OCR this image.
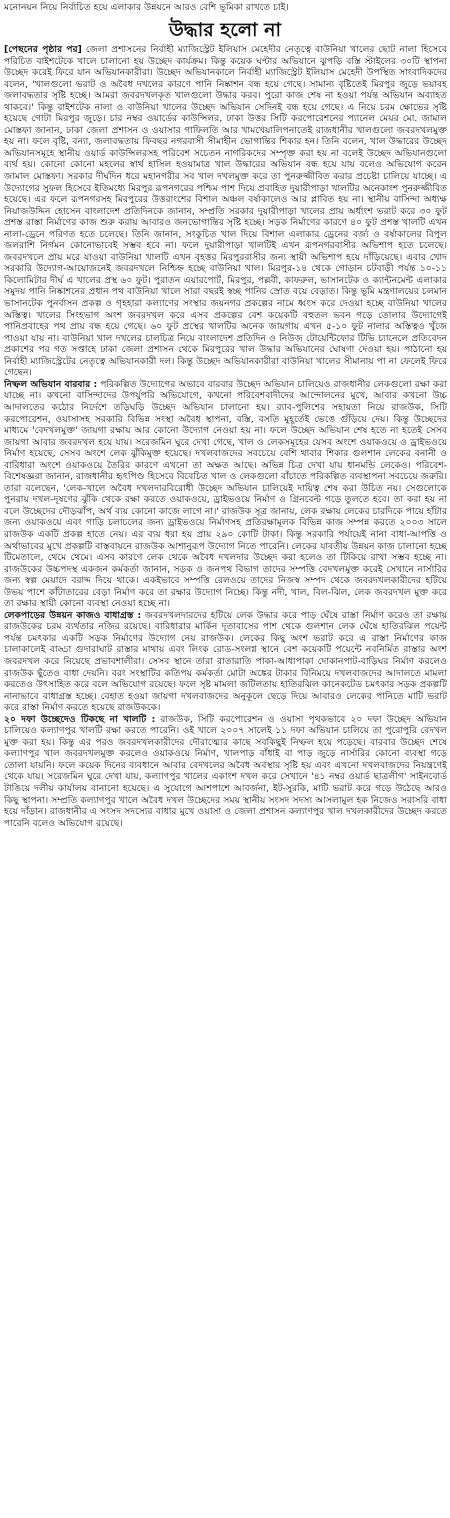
মনোনয়ন নিয়ে নির্বাচিত হয়ে এলাকার উন্নয়নে আরও বেশি ভূমিকা রাখতে চাই।
উদ্ধার হলো না

[পেছনের পৃষ্ঠার পর] জেলা প্রশাসনের নির্বাহী ম্যাজিস্ট্রেট ইলিয়াস মেহেদীর নেতৃত্বে বাউনিয়া খালের ছোট নালা হিসেবে পরিচিত বাইশটেকে খালে চালানো হয় উচ্ছেদ কার্যক্রম। কিন্তু কয়েক ঘণ্টার অভিযানে ঝুপড়ি বস্তি স্টাইলের ৩০টি স্থাপনা উচ্ছেদ করেই ফিরে যান অভিযানকারীরা। উচ্ছেদ অভিযানকালে নির্বাহী ম্যাজিস্ট্রেট ইলিয়াস মেহেদী উপস্থিত সাংবাদিকদের বলেন, 'খালগুলো ভরাট ও অবৈধ দখলের কারণে পানি নিষ্কাশন বন্ধ হয়ে গেছে। সামান্য বৃষ্টিতেই মিরপুর জুড়ে ভয়াবহ জলাবদ্ধতার সৃষ্টি হচ্ছে। আমরা জবরদখলকৃত খালগুলো উদ্ধার করব। পুরো কাজ শেষ না হওয়া পর্যন্ত অভিযান অব্যাহত থাকবে।' কিন্তু বাইশটেক নালা ও বাউনিয়া খালের উচ্ছেদ অভিযান সেদিনই বন্ধ হয়ে গেছে। এ নিয়ে চরম ক্ষোভের সৃষ্টি হয়েছে গোটা মিরপুর জুড়ে। চার নম্বর ওয়ার্ডের কাউন্সিলর, ঢাকা উত্তর সিটি করপোরেশনের প্যানেল মেয়র মো. জামাল মোস্তফা জানান, ঢাকা জেলা প্রশাসন ও ওয়াসার গাফিলতি আর খামখেয়ালিপনাতেই রাজধানীর খালগুলো জবরদখলমুক্ত হয় না। ফলে বৃষ্টি, বন্যা, জলাবদ্ধতায় ফিবছর নগরবাসী সীমাহীন ভোগান্তির শিকার হন। তিনি বলেন, খাল উদ্ধারের উচ্ছেদ অভিযানসমূহে স্থানীয় ওয়ার্ড কাউন্সিলরসহ পরিবেশ সচেতন নাগরিকদের সম্পৃক্ত করা হয় না বলেই উচ্ছেদ অভিযানগুলো ব্যর্থ হয়। কোনো কোনো মহলের স্বার্থ হাসিল হওয়ামাত্র খাল উদ্ধারের অভিযান বন্ধ হয়ে যায় বলেও অভিযোগ করেন জামাল মোস্তফা। সরকার দীর্ঘদিন ধরে মহানগরীর সব খাল দখলমুক্ত করে তা পুনরুজ্জীবিত করার প্রচেষ্টা চালিয়ে যাচ্ছে। এ উদ্যোগের সুফল হিসেবে ইতিমধ্যে মিরপুর রূপনগরের পশ্চিম পাশ দিয়ে প্রবাহিত দুয়ারীপাড়া খালটির অনেকাংশ পুনরুজ্জীবিত হয়েছে। এর ফলে রূপনগরসহ মিরপুরের উত্তরাংশের বিশাল অঞ্চল বর্ষাকালেও আর প্লাবিত হয় না। স্থানীয় বাসিন্দা অধ্যক্ষ নিয়াজউদ্দিন হোসেন বাংলাদেশ প্রতিদিনকে জানান, সম্প্রতি সরকার দুয়ারীপাড়া খালের প্রায় অর্ধাংশ ভরাট করে ৩০ ফুট প্রশস্ত রাস্তা নির্মাণের কাজ শুরু করায় আবারও জনভোগান্তির সৃষ্টি হচ্ছে। সড়ক নির্মাণের কারণে ৪০ ফুট প্রশস্ত খালটি এখন নালা-ড্রেনে পরিণত হতে চলেছে। তিনি জানান, সংকুচিত খাল দিয়ে বিশাল এলাকার ড্রেনের বর্জ্য ও বর্ষাকালের বিপুল জলরাশি নির্গমন কোনোভাবেই সম্ভব হবে না। ফলে দুয়ারীপাড়া খালটিই এখন রূপনগরবাসীর অভিশাপ হতে চলেছে। জবরদখলে প্রায় মরে যাওয়া বাউনিয়া খালটি এখন বৃহত্তর মিরপুরবাসীর জন্য স্থায়ী অভিশাপ হয়ে দাঁড়িয়েছে। এবার খোদ সরকারি উদ্যোগ-আয়োজনেই জবরদখলে নিশ্চিহ্ন হচ্ছে বাউনিয়া খাল। মিরপুর-১৪ থেকে গোড়ান চটবাড়ী পর্যন্ত ১০-১১ কিলোমিটার দীর্ঘ এ খালের প্রস্থ ৬০ ফুট। পুরাতন এয়ারপোর্ট, মিরপুর, পল্লবী, কাফরুল, ভাসানটেক ও ক্যান্টনমেন্ট এলাকার সমুদয় পানি নিষ্কাশনের প্রধান পথ বাউনিয়া খালে সারা বছরই স্বচ্ছ পানির স্রোত বয়ে বেড়াত। কিন্তু ভূমি মন্ত্রণালয়ের চলমান ভাসানটেক পুনর্বাসন প্রকল্প ও গৃহহারা কল্যাণের সংস্থার জয়নগর প্রকল্পের নামে ধ্বংস করে দেওয়া হচ্ছে বাউনিয়া খালের অস্তিত্ব। খালের সিংহভাগ অংশ জবরদখল করে এসব প্রকল্পের বেশ কয়েকটি বহুতল ভবন গড়ে তোলার উদ্যোগেই পানিপ্রবাহের পথ প্রায় বন্ধ হয়ে গেছে। ৬০ ফুট প্রস্থের খালটির অনেক জায়গায় এখন ৫-১০ ফুট নালার অস্তিত্বও খুঁজে পাওয়া যায় না। বাউনিয়া খাল দখলের চালচিত্র নিয়ে বাংলাদেশ প্রতিদিন ও নিউজ টোয়েন্টিফোর টিভি চ্যানেলে প্রতিবেদন প্রকাশের পর গত সপ্তাহে ঢাকা জেলা প্রশাসন থেকে মিরপুরের খাল উদ্ধার অভিযানের ঘোষণা দেওয়া হয়। পাঠানো হয় নির্বাহী ম্যাজিস্ট্রেটের নেতৃত্বে অভিযানকারী দল। কিন্তু উচ্ছেদ অভিযানকারীরা বাউনিয়া খালের সীমানায় পা না ফেলেই ফিরে গেছেন।

নিষ্ফল অভিযান বারবার : পরিকল্পিত উদ্যোগের অভাবে বারবার উচ্ছেদ অভিযান চালিয়েও রাজধানীর লেকগুলো রক্ষা করা যাচ্ছে না। কখনো বাসিন্দাদের উপর্যুপরি অভিযোগে, কখনো পরিবেশবাদীদের আন্দোলনের মুখে, আবার কখনো উচ্চ আদালতের কঠোর নির্দেশে তড়িঘড়ি উচ্ছেদ অভিযান চালানো হয়। র‌্যাব-পুলিশের সহায়তা নিয়ে রাজউক, সিটি করপোরেশন, ওয়াসাসহ সরকারি বিভিন্ন সংস্থা অবৈধ স্থাপনা, বস্তি, বসতি মুহূর্তেই ভেঙে গুঁড়িয়ে দেয়। কিন্তু উচ্ছেদের মাধ্যমে 'বেদখলমুক্ত' জায়গা রক্ষায় আর কোনো উদ্যোগ নেওয়া হয় না। ফলে উচ্ছেদ অভিযান শেষ হতে না হতেই সেসব জায়গা আবার জবরদখল হয়ে যায়। সরেজমিন ঘুরে দেখা গেছে, খাল ও লেকসমূহের যেসব অংশে ওয়াকওয়ে ও ড্রাইভওয়ে নির্মাণ হয়েছে, সেসব অংশে লেক ঝুঁকিমুক্ত হয়েছে। দখলবাজদের সবচেয়ে বেশি থাবার শিকার গুলশান লেকের বনানী ও বারিধারা অংশে ওয়াকওয়ে তৈরির কারণে এখনো তা অক্ষত আছে। অভিন্ন চিত্র দেখা যায় ধানমন্ডি লেকেও। পরিবেশ-বিশেষজ্ঞরা জানান, রাজধানীর হৃৎপিণ্ড হিসেবে বিবেচিত খাল ও লেকগুলো বাঁচাতে পরিকল্পিত ব্যবস্থাপনা সবচেয়ে জরুরি। তারা বলেছেন, 'লেক-খালে অবৈধ দখলদারবিরোধী উচ্ছেদ অভিযান চালিয়েই দায়িত্ব শেষ করা উচিত নয়। সেগুলোকে পুনরায় দখল-দূষণের ঝুঁকি থেকে রক্ষা করতে ওয়াকওয়ে, ড্রাইভওয়ে নির্মাণ ও গ্রিনবেল্ট গড়ে তুলতে হবে। তা করা হয় না বলে উচ্ছেদের দৌড়ঝাঁপ, অর্থ ব্যয় কোনো কাজে লাগে না।' রাজউক সূত্র জানায়, লেক রক্ষায় লেকের চারদিকে পায়ে হাঁটার জন্য ওয়াকওয়ে এবং গাড়ি চলাচলের জন্য ড্রাইভওয়ে নির্মাণসহ প্রতিরক্ষামূলক বিভিন্ন কাজ সম্পন্ন করতে ২০০৩ সালে রাজউক একটি প্রকল্প হাতে নেয়। এর ব্যয় ধরা হয় প্রায় ২৯০ কোটি টাকা। কিন্তু সরকারি পর্যায়েই নানা বাধা-আপত্তি ও অর্থাভাবের মুখে প্রকল্পটি বাস্তবায়নে রাজউক আশানুরূপ উদ্যোগ নিতে পারেনি। লেকের যাবতীয় উন্নয়ন কাজ চালানো হচ্ছে টিমেতালে, থেমে থেমে। এসব কারণে লেক থেকে অবৈধ দখলদার উচ্ছেদ করা হলেও তা টিকিয়ে রাখা সম্ভব হচ্ছে না। রাজউকের উচ্চপদস্থ একজন কর্মকর্তা জানান, সড়ক ও জনপথ বিভাগ তাদের সম্পত্তি বেদখলমুক্ত করেই সেখানে নার্সারির জন্য স্বল্প মেয়াদে বরাদ্দ দিয়ে থাকে। একইভাবে সম্পত্তি রেলওয়ে তাদের নিজস্ব সম্পদ থেকে জবরদখলকারীদের হটিয়ে উভয় পাশে কাঁটাতারের বেড়া নির্মাণ করে তা রক্ষার উদ্যোগ নিচ্ছে। কিন্তু নদী, খাল, বিল-ঝিল, লেক জবরদখল মুক্ত করে তা রক্ষার স্থায়ী কোনো ব্যবস্থা নেওয়া হচ্ছে না।

লেকপাড়ের উন্নয়ন কাজও বাধাগ্রস্ত : জবরদখলদারদের হটিয়ে লেক উদ্ধার করে পাড় ঘেঁষে রাস্তা নির্মাণ করেও তা রক্ষায় রাজউকের চরম ব্যর্থতার নজির রয়েছে। বারিধারার মার্কিন দূতাবাসের পাশ থেকে গুলশান লেক ঘেঁষে হাতিরঝিল পয়েন্ট পর্যন্ত চমৎকার একটি সড়ক নির্মাণের উদ্যোগ নেয় রাজউক। লেকের কিছু অংশ ভরাট করে এ রাস্তা নির্মাণের কাজ চালাকালেই বাড্ডা গুদারাঘাট রাস্তার মাথায় এবং লিংক রোড-সংলগ্ন স্থানে বেশ কয়েকটি পয়েন্টে নবনির্মিত রাস্তার অংশ জবরদখল করে নিয়েছে প্রভাবশালীরা। সেসব স্থানে তারা রাতারাতি পাকা-আধাপাকা দোকানপাট-বাড়িঘর নির্মাণ করলেও রাজউক ছুঁতেও বাধা দেয়নি। বরং সংস্থাটির কতিপয় কর্মকর্তা মোটা অঙ্কের টাকার বিনিময়ে দখলবাজদের আদালতে মামলা করতেও উৎসাহিত করে বলে অভিযোগ রয়েছে। ফলে সৃষ্ট মামলা জটিলতায় হাতিরঝিল কানেকটেড চমৎকার সড়ক প্রকল্পটি নানাভাবে বাধাগ্রস্ত হচ্ছে। বেহাত হওয়া জায়গা দখলবাজদের অনুকূলে ছেড়ে দিয়ে আবারও লেকের পানিতে মাটি ভরাট করে রাস্তা নির্মাণ করতে হয়েছে রাজউককে।

২০ দফা উচ্ছেদেও টিকছে না খালটি : রাজউক, সিটি করপোরেশন ও ওয়াসা পৃথকভাবে ২০ দফা উচ্ছেদ অভিযান চালিয়েও কল্যাণপুর খালটি রক্ষা করতে পারেনি। ওই খালে ২০০৭ সালেই ১১ দফা অভিযান চালিয়ে তা পুরোপুরি বেদখল মুক্ত করা হয়। কিন্তু এর পরও জবরদখলকারীদের দৌরাত্ম্যের কাছে সবকিছুই নিষ্ফল হয়ে পড়েছে। বারবার উচ্ছেদ শেষে কল্যাণপুর খাল জবরদখলমুক্ত করলেও ওয়াকওয়ে নির্মাণ, খালপাড় বাঁধাই বা পাড় জুড়ে নার্সারির কোনো ব্যবস্থা গড়ে তোলা যায়নি। ফলে কয়েক দিনের ব্যবধানে আবার বেদখলের অবৈধ অবস্থার সৃষ্টি হয় এবং এখনো দখলবাজদের নিয়ন্ত্রণেই থেকে যায়। সরেজমিন ঘুরে দেখা যায়, কল্যাণপুর খালের একাংশ দখল করে সেখানে '৪১ নম্বর ওয়ার্ড ছাত্রলীগ' সাইনবোর্ড টাঙিয়ে দলীয় কার্যালয় বানানো হয়েছে। এ সুযোগে আশপাশে আবর্জনা, ইট-সুরকি, মাটি ভরাট করে গড়ে উঠেছে আরও কিছু স্থাপনা। সম্প্রতি কল্যাণপুর খালে অবৈধ দখল উচ্ছেদের সময় স্থানীয় সংসদ সদস্য আসলামুল হক নিজেও সরাসরি বাধা হয়ে দাঁড়ান। রাজধানীর এ সংসদ সদস্যের বাধার মুখে ওয়াসা ও জেলা প্রশাসন কল্যাণপুর খাল দখলকারীদের উচ্ছেদ করতে পারেনি বলেও অভিযোগ রয়েছে।
